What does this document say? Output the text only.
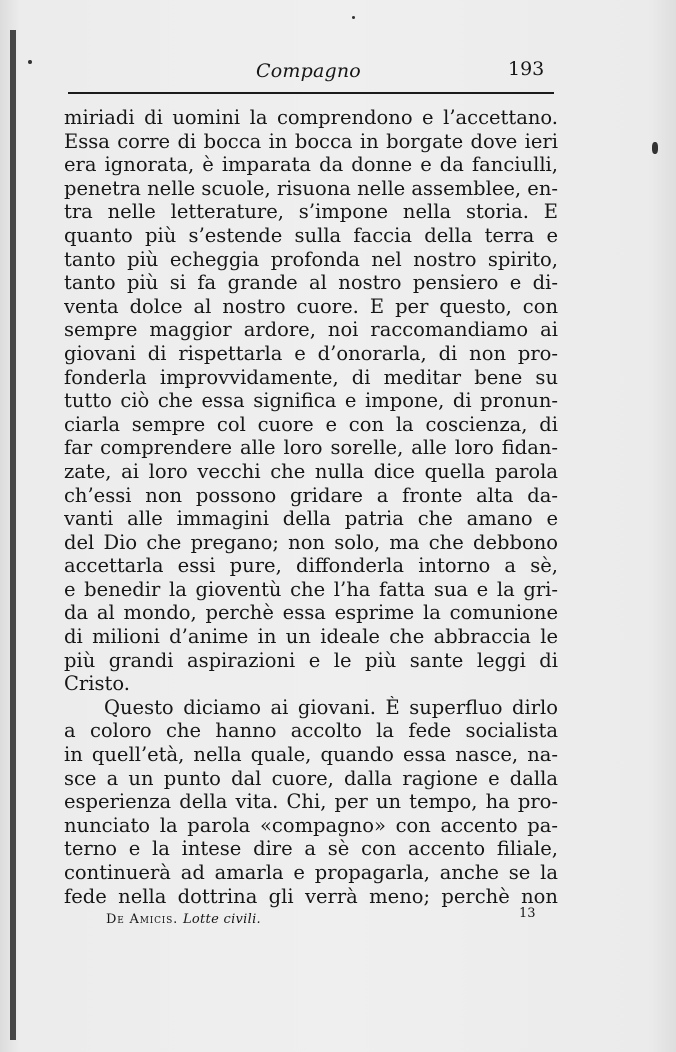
Compagno	193
miriadi di uomini la comprendono e l’accettano.
Essa corre di bocca in bocca in borgate dove ieri
era ignorata, è imparata da donne e da fanciulli,
penetra nelle scuole, risuona nelle assemblee, en-
tra nelle letterature, s’impone nella storia. E
quanto più s’estende sulla faccia della terra e
tanto più echeggia profonda nel nostro spirito,
tanto più si fa grande al nostro pensiero e di-
venta dolce al nostro cuore. E per questo, con
sempre maggior ardore, noi raccomandiamo ai
giovani di rispettarla e d’onorarla, di non pro-
fonderla improvvidamente, di meditar bene su
tutto ciò che essa significa e impone, di pronun-
ciarla sempre col cuore e con la coscienza, di
far comprendere alle loro sorelle, alle loro fidan-
zate, ai loro vecchi che nulla dice quella parola
ch’essi non possono gridare a fronte alta da-
vanti alle immagini della patria che amano e
del Dio che pregano; non solo, ma che debbono
accettarla essi pure, diffonderla intorno a sè,
e benedir la gioventù che l’ha fatta sua e la gri-
da al mondo, perchè essa esprime la comunione
di milioni d’anime in un ideale che abbraccia le
più grandi aspirazioni e le più sante leggi di
Cristo.
Questo diciamo ai giovani. È superfluo dirlo
a coloro che hanno accolto la fede socialista
in quell’età, nella quale, quando essa nasce, na-
sce a un punto dal cuore, dalla ragione e dalla
esperienza della vita. Chi, per un tempo, ha pro-
nunciato la parola «compagno» con accento pa-
terno e la intese dire a sè con accento filiale,
continuerà ad amarla e propagarla, anche se la
fede nella dottrina gli verrà meno; perchè non
De Amicis. Lotte civili.	13
